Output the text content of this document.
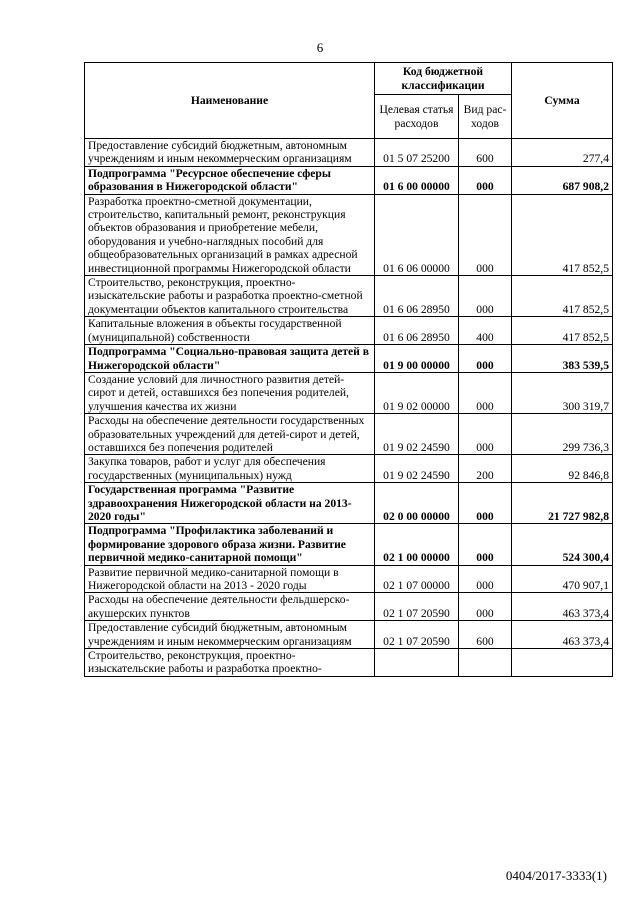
6
Наименование	Код бюджетной классификации		Сумма
	Целевая статья расходов	Вид рас-ходов	
Предоставление субсидий бюджетным, автономным учреждениям и иным некоммерческим организациям	01 5 07 25200	600	277,4
Подпрограмма "Ресурсное обеспечение сферы образования в Нижегородской области"	01 6 00 00000	000	687 908,2
Разработка проектно-сметной документации, строительство, капитальный ремонт, реконструкция объектов образования и приобретение мебели, оборудования и учебно-наглядных пособий для общеобразовательных организаций в рамках адресной инвестиционной программы Нижегородской области	01 6 06 00000	000	417 852,5
Строительство, реконструкция, проектно-изыскательские работы и разработка проектно-сметной документации объектов капитального строительства	01 6 06 28950	000	417 852,5
Капитальные вложения в объекты государственной (муниципальной) собственности	01 6 06 28950	400	417 852,5
Подпрограмма "Социально-правовая защита детей в Нижегородской области"	01 9 00 00000	000	383 539,5
Создание условий для личностного развития детей-сирот и детей, оставшихся без попечения родителей, улучшения качества их жизни	01 9 02 00000	000	300 319,7
Расходы на обеспечение деятельности государственных образовательных учреждений для детей-сирот и детей, оставшихся без попечения родителей	01 9 02 24590	000	299 736,3
Закупка товаров, работ и услуг для обеспечения государственных (муниципальных) нужд	01 9 02 24590	200	92 846,8
Государственная программа "Развитие здравоохранения Нижегородской области на 2013-2020 годы"	02 0 00 00000	000	21 727 982,8
Подпрограмма "Профилактика заболеваний и формирование здорового образа жизни. Развитие первичной медико-санитарной помощи"	02 1 00 00000	000	524 300,4
Развитие первичной медико-санитарной помощи в Нижегородской области на 2013 - 2020 годы	02 1 07 00000	000	470 907,1
Расходы на обеспечение деятельности фельдшерско-акушерских пунктов	02 1 07 20590	000	463 373,4
Предоставление субсидий бюджетным, автономным учреждениям и иным некоммерческим организациям	02 1 07 20590	600	463 373,4
Строительство, реконструкция, проектно-изыскательские работы и разработка проектно-			
0404/2017-3333(1)
